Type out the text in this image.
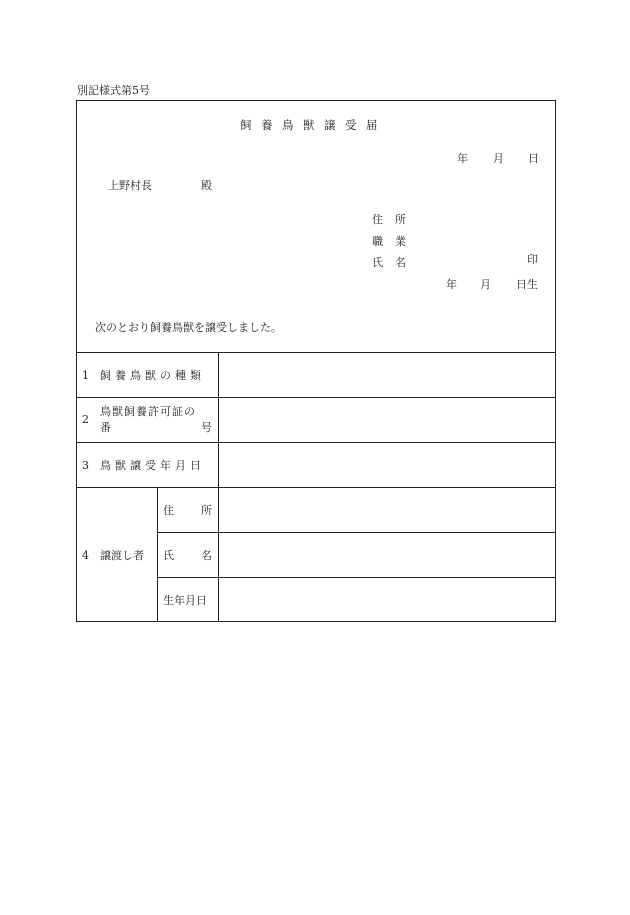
別記様式第5号
飼養鳥獣譲受届
年 月 日
上野村長	殿
住 所
職 業
氏 名	印
年 月 日生
次のとおり飼養鳥獣を譲受しました。
1 飼養鳥獣の種類
2
鳥獣飼養許可証の
番	号
3 鳥獣譲受年月日
4 譲渡し者
住 所
氏 名
生年月日
